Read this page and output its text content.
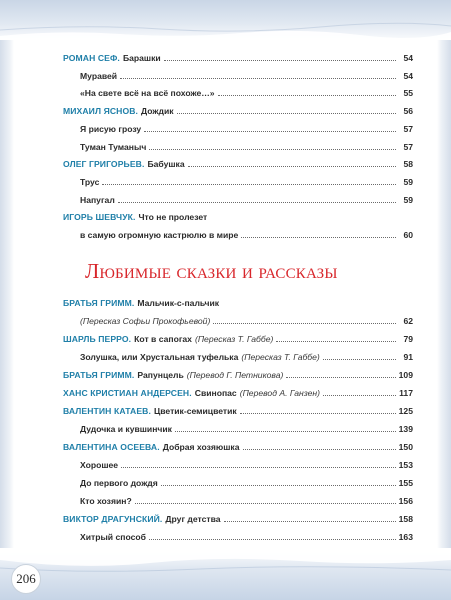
РОМАН СЕФ. Барашки	54
Муравей	54
«На свете всё на всё похоже…»	55
МИХАИЛ ЯСНОВ. Дождик	56
Я рисую грозу	57
Туман Туманыч	57
ОЛЕГ ГРИГОРЬЕВ. Бабушка	58
Трус	59
Напугал	59
ИГОРЬ ШЕВЧУК. Что не пролезет
в самую огромную кастрюлю в мире	60
БРАТЬЯ ГРИММ. Мальчик-с-пальчик
(Пересказ Софьи Прокофьевой)	62
ШАРЛЬ ПЕРРО. Кот в сапогах (Пересказ Т. Габбе)	79
Золушка, или Хрустальная туфелька (Пересказ Т. Габбе)	91
БРАТЬЯ ГРИММ. Рапунцель (Перевод Г. Петникова)	109
ХАНС КРИСТИАН АНДЕРСЕН. Свинопас (Перевод А. Ганзен)	117
ВАЛЕНТИН КАТАЕВ. Цветик-семицветик	125
Дудочка и кувшинчик	139
ВАЛЕНТИНА ОСЕЕВА. Добрая хозяюшка	150
Хорошее	153
До первого дождя	155
Кто хозяин?	156
ВИКТОР ДРАГУНСКИЙ. Друг детства	158
Хитрый способ	163
Любимые сказки и рассказы
206
